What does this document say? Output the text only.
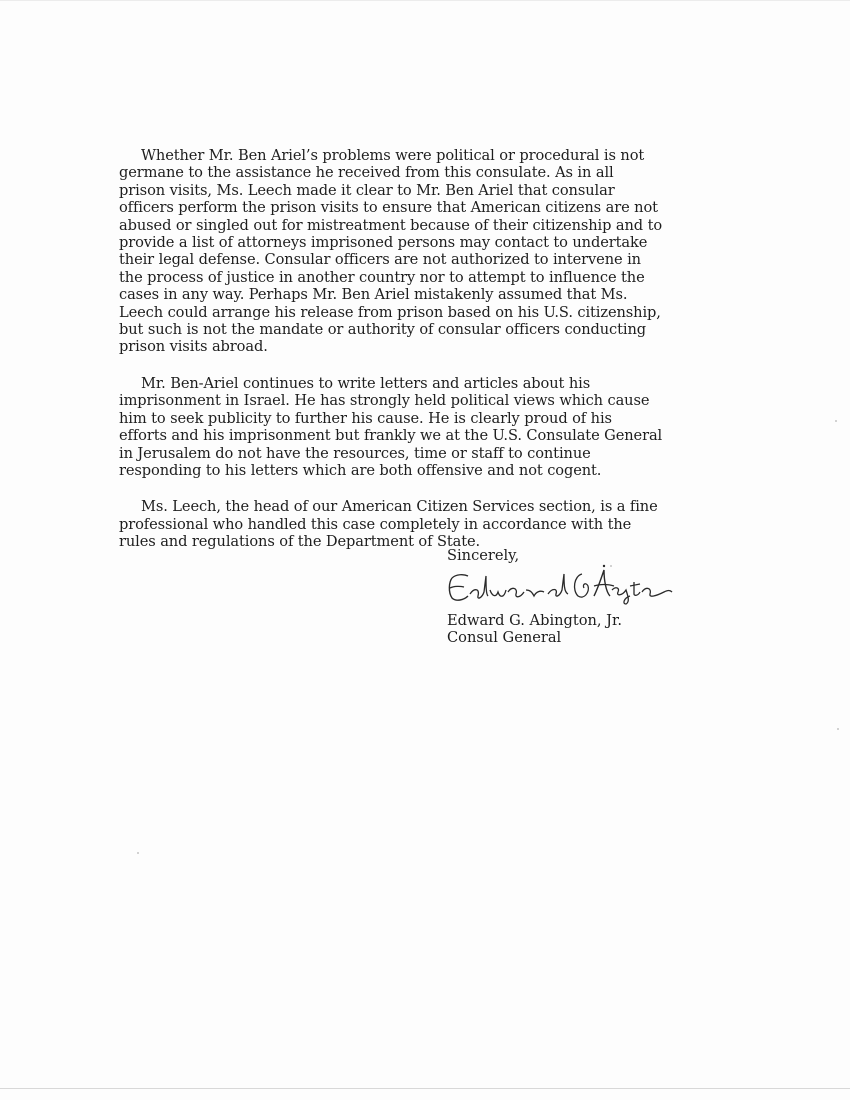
Whether Mr. Ben Ariel’s problems were political or procedural is not germane to the assistance he received from this consulate. As in all prison visits, Ms. Leech made it clear to Mr. Ben Ariel that consular officers perform the prison visits to ensure that American citizens are not abused or singled out for mistreatment because of their citizenship and to provide a list of attorneys imprisoned persons may contact to undertake their legal defense. Consular officers are not authorized to intervene in the process of justice in another country nor to attempt to influence the cases in any way. Perhaps Mr. Ben Ariel mistakenly assumed that Ms. Leech could arrange his release from prison based on his U.S. citizenship, but such is not the mandate or authority of consular officers conducting prison visits abroad.

Mr. Ben-Ariel continues to write letters and articles about his imprisonment in Israel. He has strongly held political views which cause him to seek publicity to further his cause. He is clearly proud of his efforts and his imprisonment but frankly we at the U.S. Consulate General in Jerusalem do not have the resources, time or staff to continue responding to his letters which are both offensive and not cogent.

Ms. Leech, the head of our American Citizen Services section, is a fine professional who handled this case completely in accordance with the rules and regulations of the Department of State.

Sincerely,
Edward G. Abington, Jr.
Consul General
